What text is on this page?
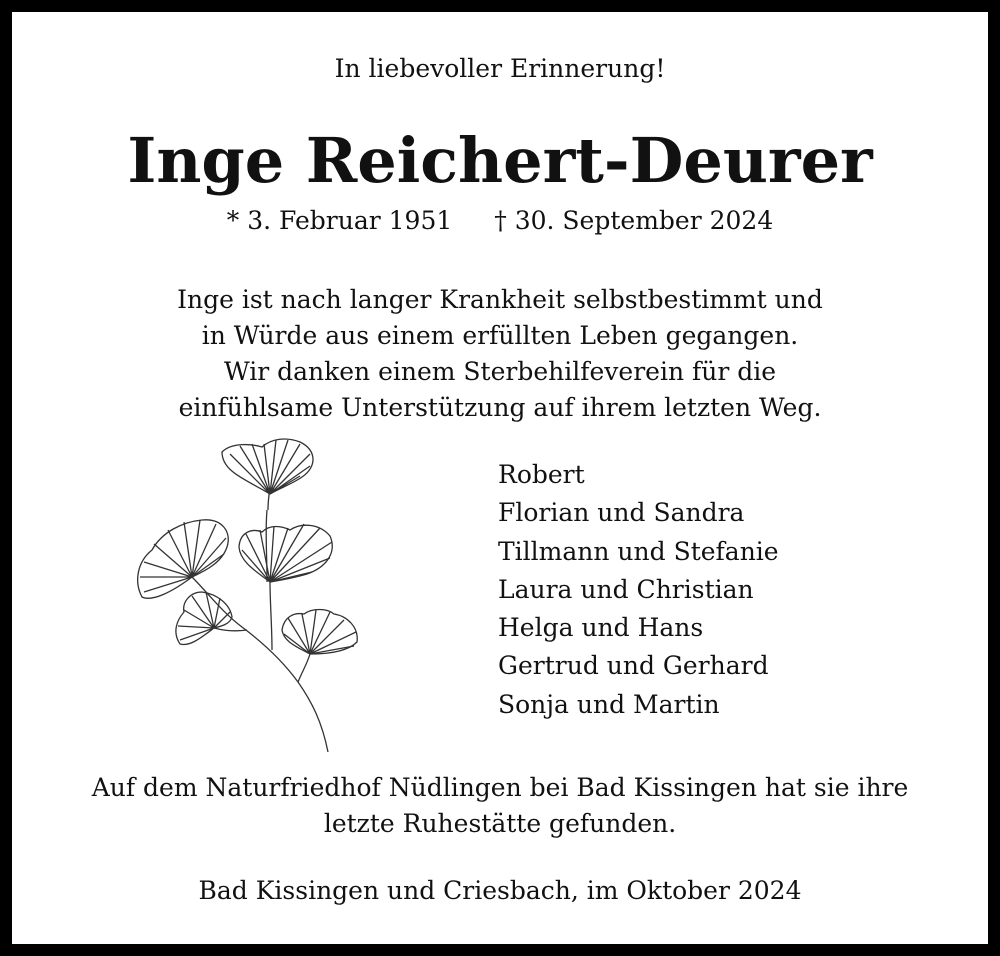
In liebevoller Erinnerung!
Inge Reichert-Deurer
* 3. Februar 1951 † 30. September 2024
Inge ist nach langer Krankheit selbstbestimmt und
in Würde aus einem erfüllten Leben gegangen.
Wir danken einem Sterbehilfeverein für die
einfühlsame Unterstützung auf ihrem letzten Weg.
Robert
Florian und Sandra
Tillmann und Stefanie
Laura und Christian
Helga und Hans
Gertrud und Gerhard
Sonja und Martin
Auf dem Naturfriedhof Nüdlingen bei Bad Kissingen hat sie ihre
letzte Ruhestätte gefunden.
Bad Kissingen und Criesbach, im Oktober 2024
